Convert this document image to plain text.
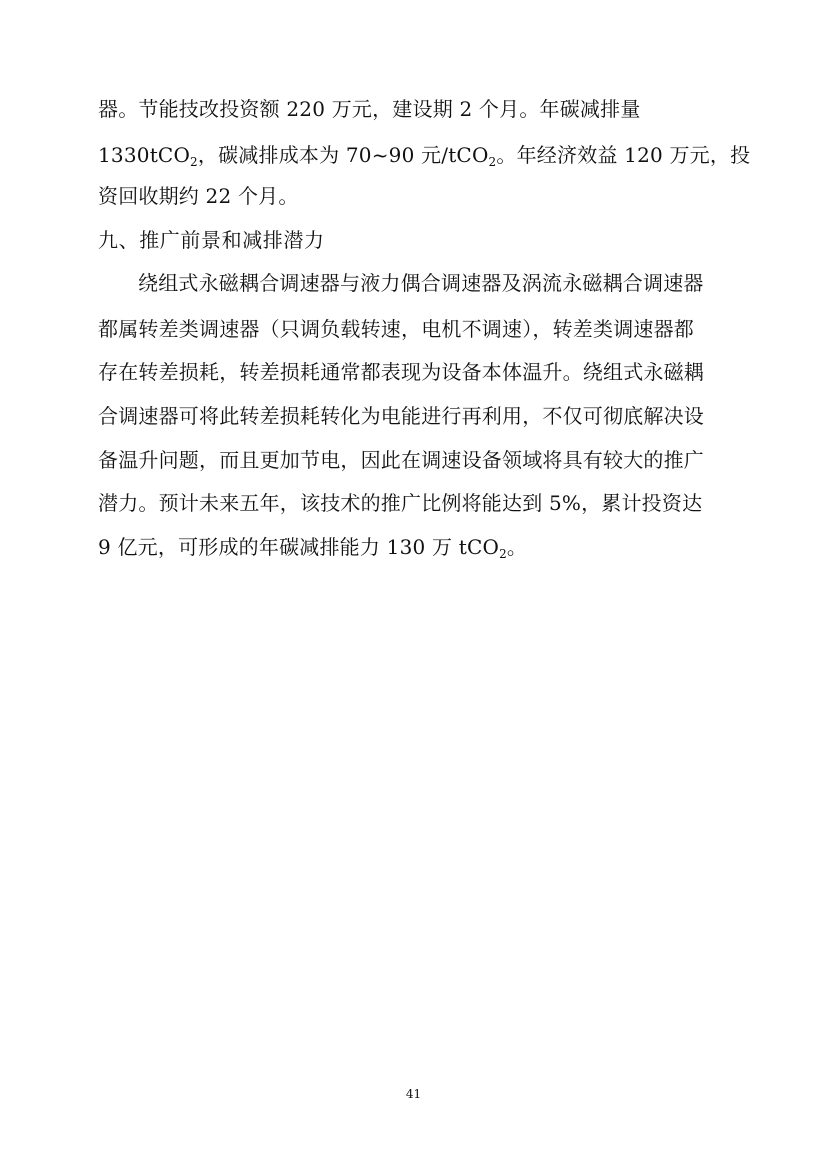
器。节能技改投资额 220 万元，建设期 2 个月。年碳减排量
1330tCO$_2$，碳减排成本为 70~90 元/tCO$_2$。年经济效益 120 万元，投
资回收期约 22 个月。
九、推广前景和减排潜力
绕组式永磁耦合调速器与液力偶合调速器及涡流永磁耦合调速器
都属转差类调速器（只调负载转速，电机不调速），转差类调速器都
存在转差损耗，转差损耗通常都表现为设备本体温升。绕组式永磁耦
合调速器可将此转差损耗转化为电能进行再利用，不仅可彻底解决设
备温升问题，而且更加节电，因此在调速设备领域将具有较大的推广
潜力。预计未来五年，该技术的推广比例将能达到 5%，累计投资达
9 亿元，可形成的年碳减排能力 130 万 tCO$_2$。
41
